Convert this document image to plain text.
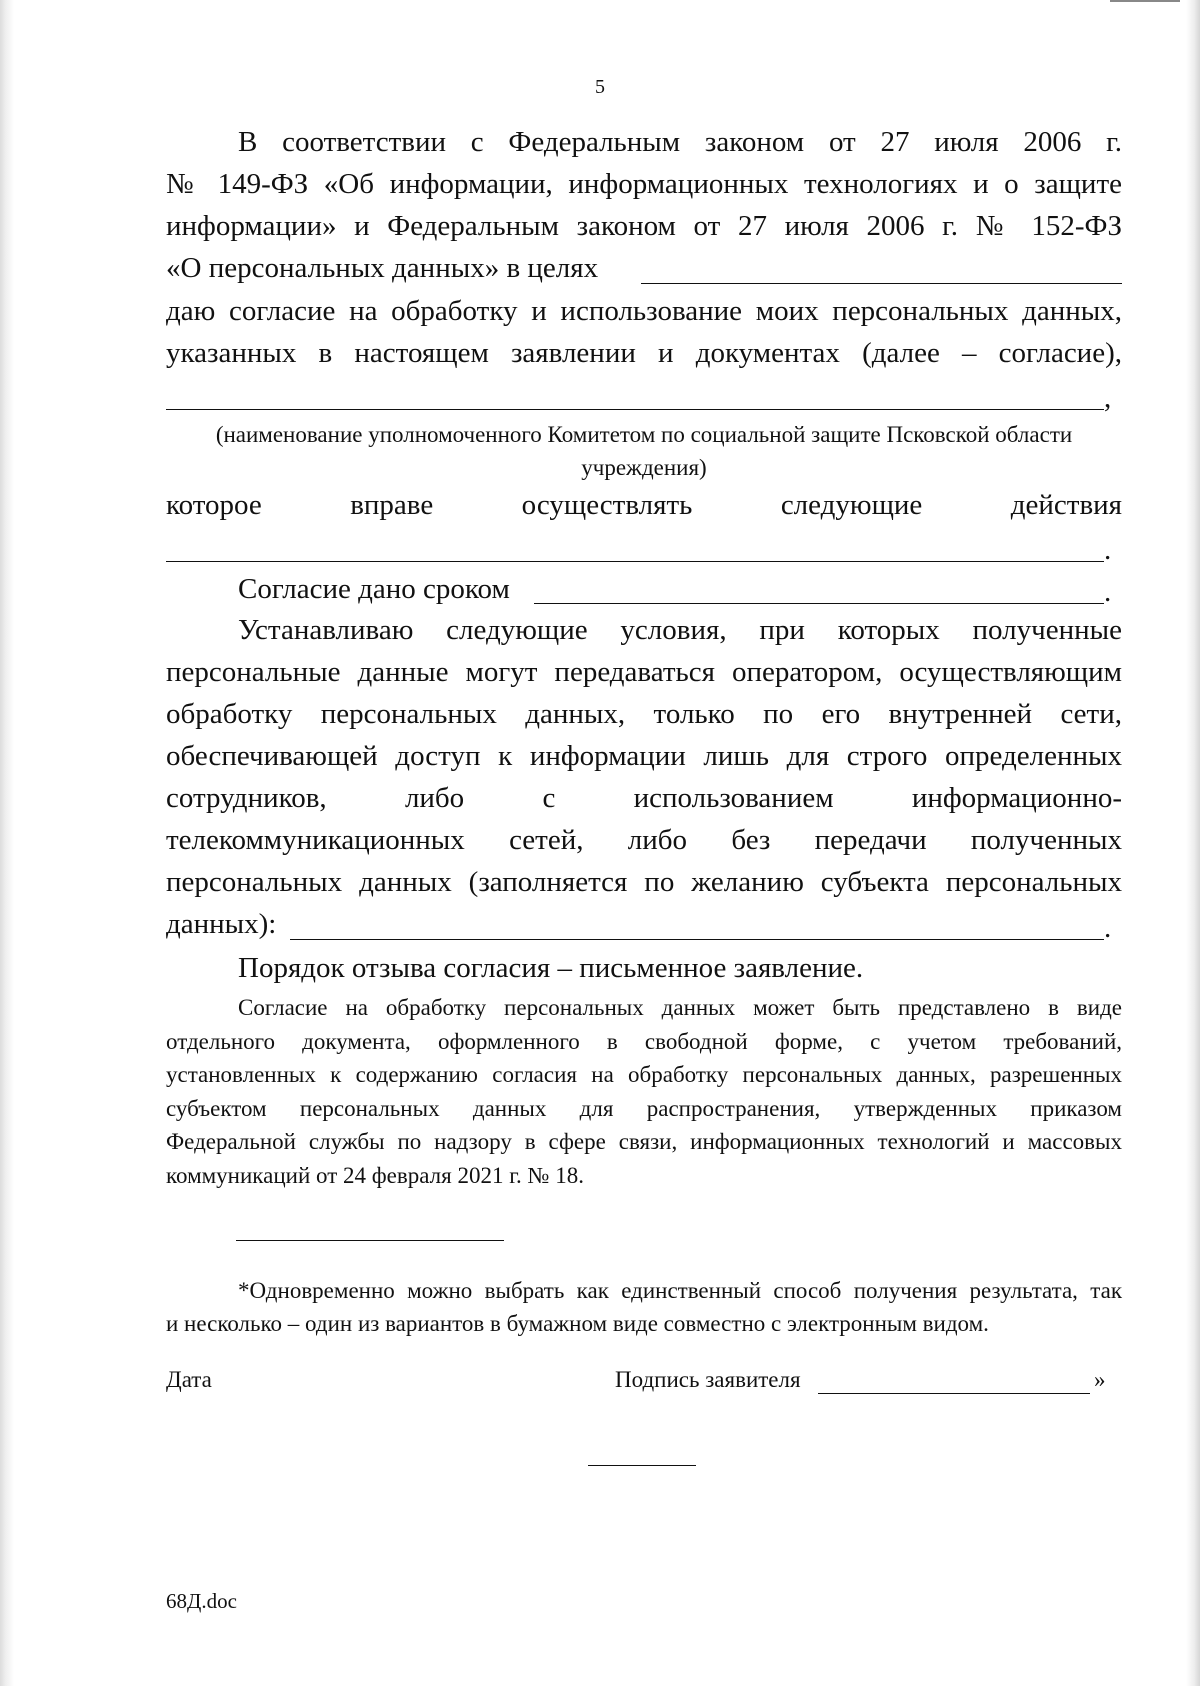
5
В соответствии с Федеральным законом от 27 июля 2006 г.
№ 149-ФЗ «Об информации, информационных технологиях и о защите
информации» и Федеральным законом от 27 июля 2006 г. № 152-ФЗ
«О персональных данных» в целях
даю согласие на обработку и использование моих персональных данных,
указанных в настоящем заявлении и документах (далее – согласие),
,
(наименование уполномоченного Комитетом по социальной защите Псковской области
учреждения)
которое вправе осуществлять следующие действия
.
Согласие дано сроком	.
Устанавливаю следующие условия, при которых полученные
персональные данные могут передаваться оператором, осуществляющим
обработку персональных данных, только по его внутренней сети,
обеспечивающей доступ к информации лишь для строго определенных
сотрудников, либо с использованием информационно-
телекоммуникационных сетей, либо без передачи полученных
персональных данных (заполняется по желанию субъекта персональных
данных):	.
Порядок отзыва согласия – письменное заявление.
Согласие на обработку персональных данных может быть представлено в виде
отдельного документа, оформленного в свободной форме, с учетом требований,
установленных к содержанию согласия на обработку персональных данных, разрешенных
субъектом персональных данных для распространения, утвержденных приказом
Федеральной службы по надзору в сфере связи, информационных технологий и массовых
коммуникаций от 24 февраля 2021 г. № 18.
*Одновременно можно выбрать как единственный способ получения результата, так
и несколько – один из вариантов в бумажном виде совместно с электронным видом.
Дата	Подпись заявителя	»
68Д.doc
